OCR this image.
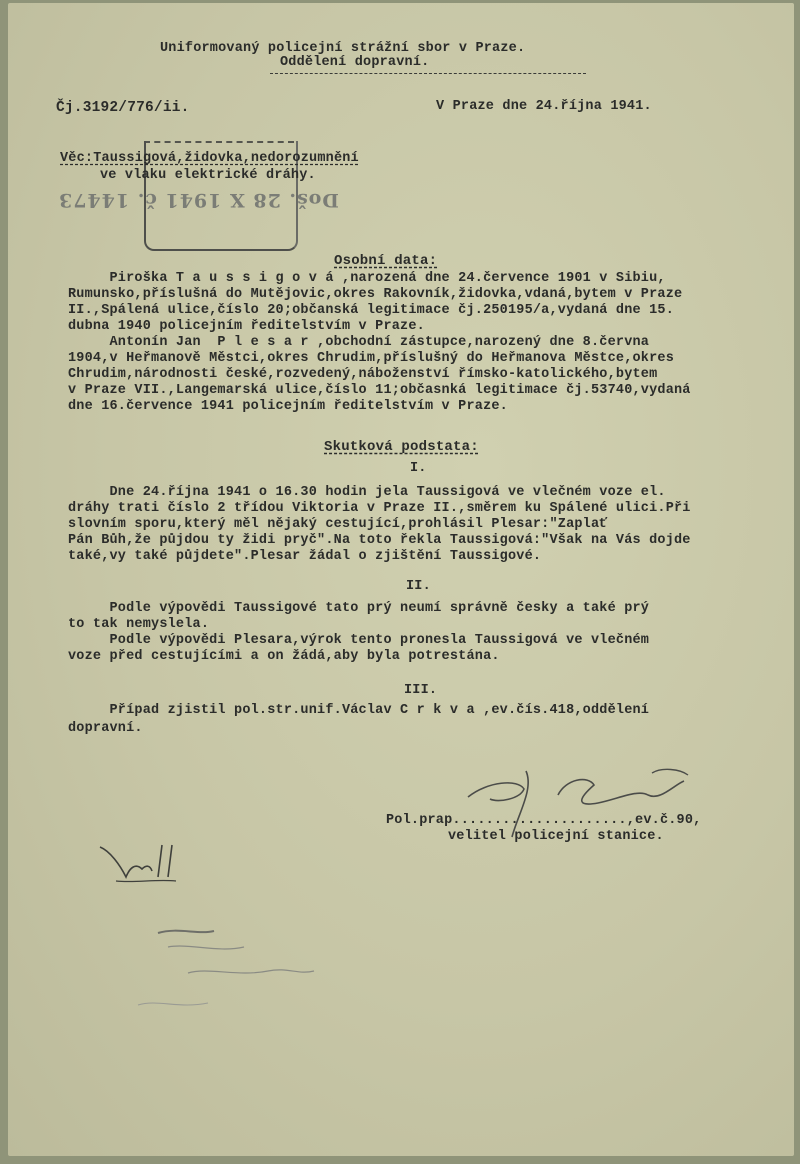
Uniformovaný policejní strážní sbor v Praze.
Oddělení dopravní.
Čj.3192/776/ii.	V Praze dne 24.října 1941.
Doš. 28 X 1941 č. 14473
Věc:Taussigová,židovka,nedorozumnění
ve vlaku elektrické dráhy.
Osobní data:
Piroška T a u s s i g o v á ,narozená dne 24.července 1901 v Sibiu,
Rumunsko,příslušná do Mutějovic,okres Rakovník,židovka,vdaná,bytem v Praze
II.,Spálená ulice,číslo 20;občanská legitimace čj.250195/a,vydaná dne 15.
dubna 1940 policejním ředitelstvím v Praze.
Antonín Jan  P l e s a r ,obchodní zástupce,narozený dne 8.června
1904,v Heřmanově Městci,okres Chrudim,příslušný do Heřmanova Městce,okres
Chrudim,národnosti české,rozvedený,náboženství římsko-katolického,bytem
v Praze VII.,Langemarská ulice,číslo 11;občasnká legitimace čj.53740,vydaná
dne 16.července 1941 policejním ředitelstvím v Praze.
Skutková podstata:
I.
Dne 24.října 1941 o 16.30 hodin jela Taussigová ve vlečném voze el.
dráhy trati číslo 2 třídou Viktoria v Praze II.,směrem ku Spálené ulici.Při
slovním sporu,který měl nějaký cestující,prohlásil Plesar:"Zaplať
Pán Bůh,že půjdou ty židi pryč".Na toto řekla Taussigová:"Však na Vás dojde
také,vy také půjdete".Plesar žádal o zjištění Taussigové.
II.
Podle výpovědi Taussigové tato prý neumí správně česky a také prý
to tak nemyslela.
Podle výpovědi Plesara,výrok tento pronesla Taussigová ve vlečném
voze před cestujícími a on žádá,aby byla potrestána.
III.
Případ zjistil pol.str.unif.Václav C r k v a ,ev.čís.418,oddělení
dopravní.
Pol.prap.....................,ev.č.90,
velitel policejní stanice.
